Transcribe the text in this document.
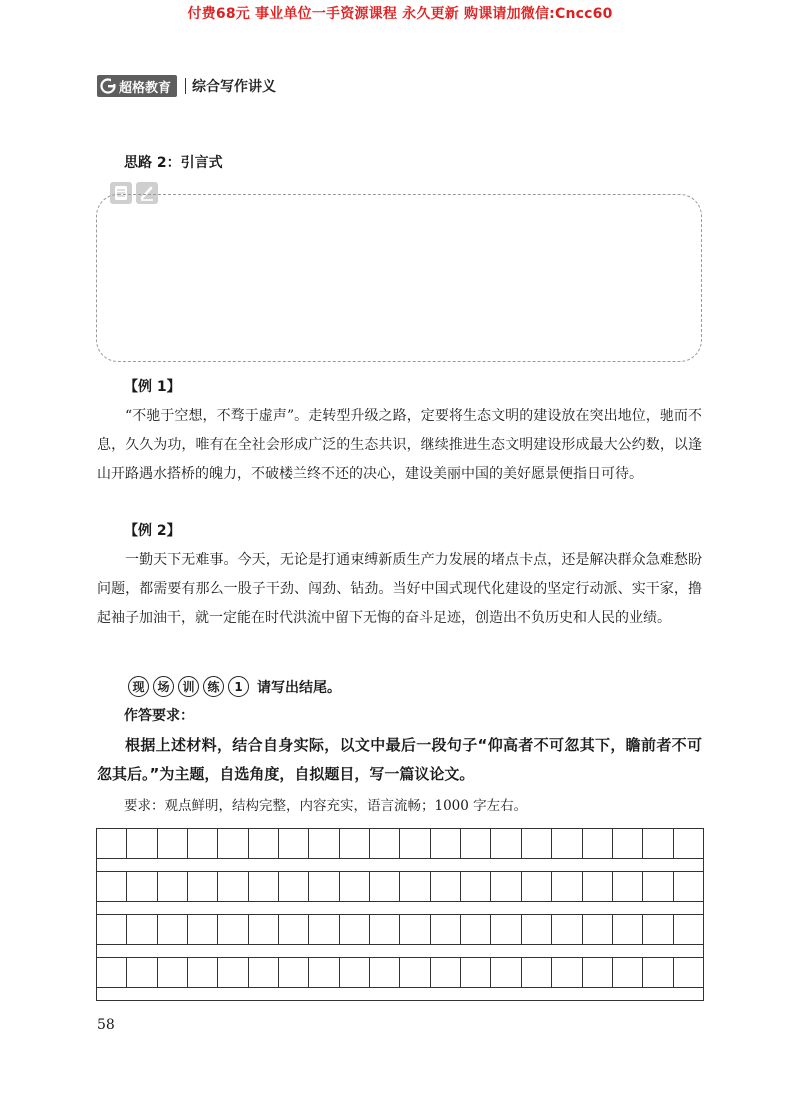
付费68元 事业单位一手资源课程 永久更新 购课请加微信:Cncc60
超格教育 综合写作讲义
思路 2：引言式
【例 1】
“不驰于空想，不骛于虚声”。走转型升级之路，定要将生态文明的建设放在突出地位，驰而不息，久久为功，唯有在全社会形成广泛的生态共识，继续推进生态文明建设形成最大公约数，以逢山开路遇水搭桥的魄力，不破楼兰终不还的决心，建设美丽中国的美好愿景便指日可待。
【例 2】
一勤天下无难事。今天，无论是打通束缚新质生产力发展的堵点卡点，还是解决群众急难愁盼问题，都需要有那么一股子干劲、闯劲、钻劲。当好中国式现代化建设的坚定行动派、实干家，撸起袖子加油干，就一定能在时代洪流中留下无悔的奋斗足迹，创造出不负历史和人民的业绩。
现	场	训	练	1	请写出结尾。
作答要求：
根据上述材料，结合自身实际，以文中最后一段句子“仰高者不可忽其下，瞻前者不可忽其后。”为主题，自选角度，自拟题目，写一篇议论文。
要求：观点鲜明，结构完整，内容充实，语言流畅；1000 字左右。
58
